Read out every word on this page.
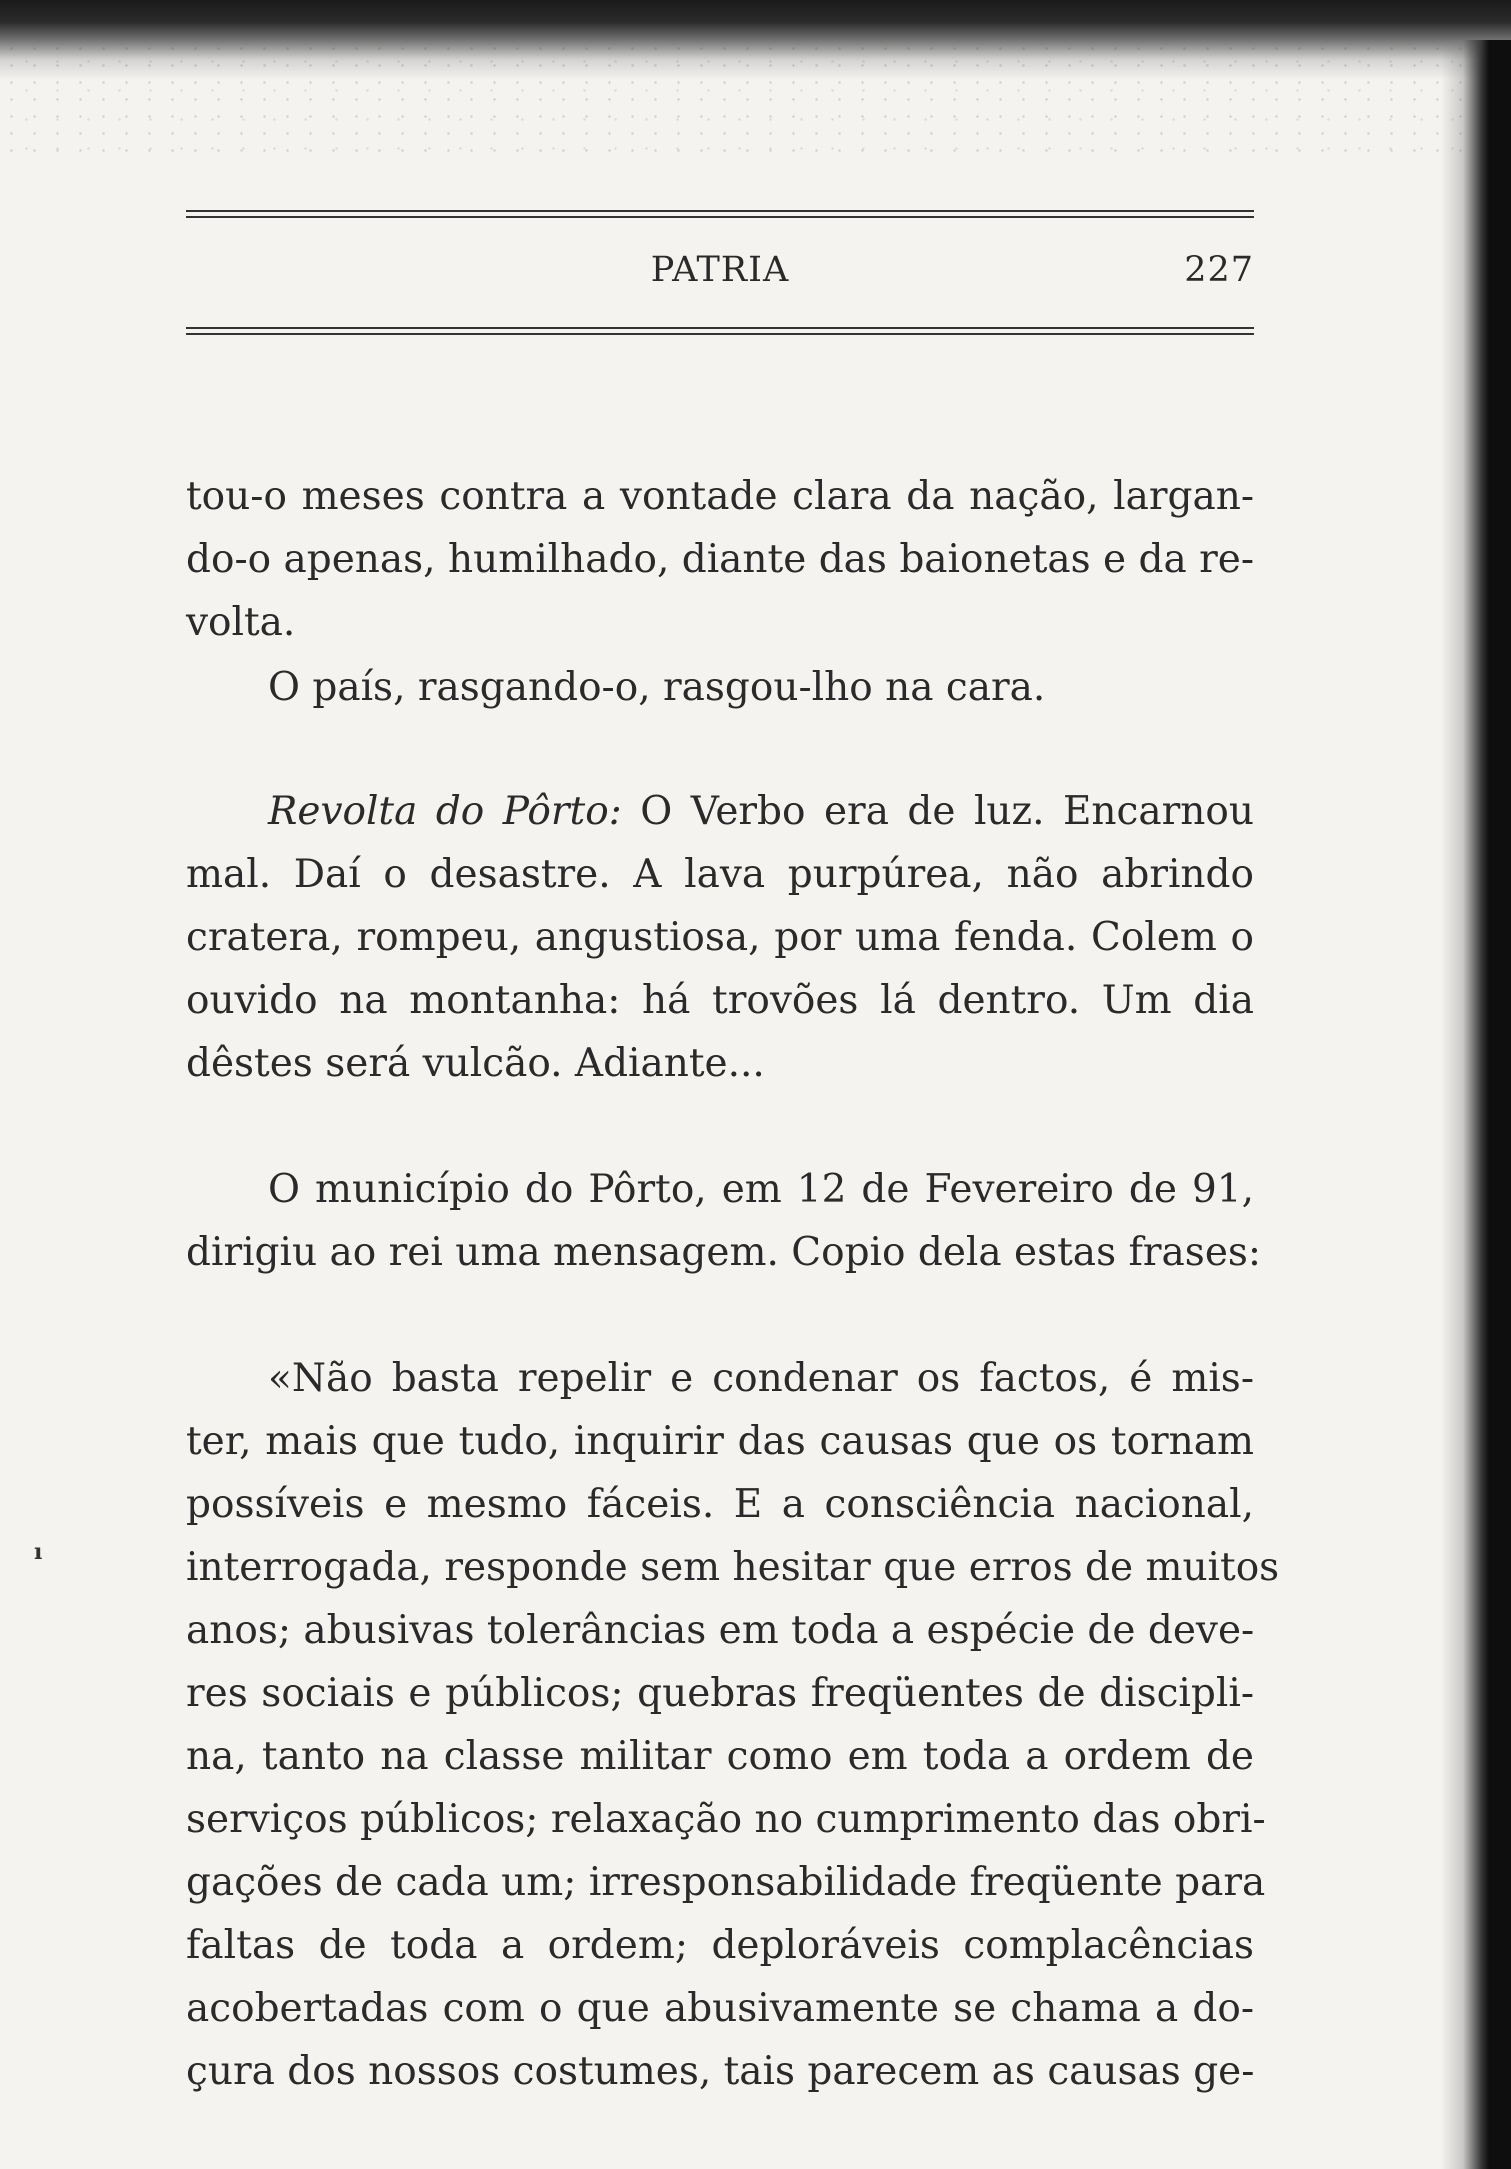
ı
PATRIA	227
tou-o meses contra a vontade clara da nação, largan-
do-o apenas, humilhado, diante das baionetas e da re-
volta.
O país, rasgando-o, rasgou-lho na cara.
Revolta do Pôrto: O Verbo era de luz. Encarnou
mal. Daí o desastre. A lava purpúrea, não abrindo
cratera, rompeu, angustiosa, por uma fenda. Colem o
ouvido na montanha: há trovões lá dentro. Um dia
dêstes será vulcão. Adiante...
O município do Pôrto, em 12 de Fevereiro de 91,
dirigiu ao rei uma mensagem. Copio dela estas frases:
«Não basta repelir e condenar os factos, é mis-
ter, mais que tudo, inquirir das causas que os tornam
possíveis e mesmo fáceis. E a consciência nacional,
interrogada, responde sem hesitar que erros de muitos
anos; abusivas tolerâncias em toda a espécie de deve-
res sociais e públicos; quebras freqüentes de discipli-
na, tanto na classe militar como em toda a ordem de
serviços públicos; relaxação no cumprimento das obri-
gações de cada um; irresponsabilidade freqüente para
faltas de toda a ordem; deploráveis complacências
acobertadas com o que abusivamente se chama a do-
çura dos nossos costumes, tais parecem as causas ge-
